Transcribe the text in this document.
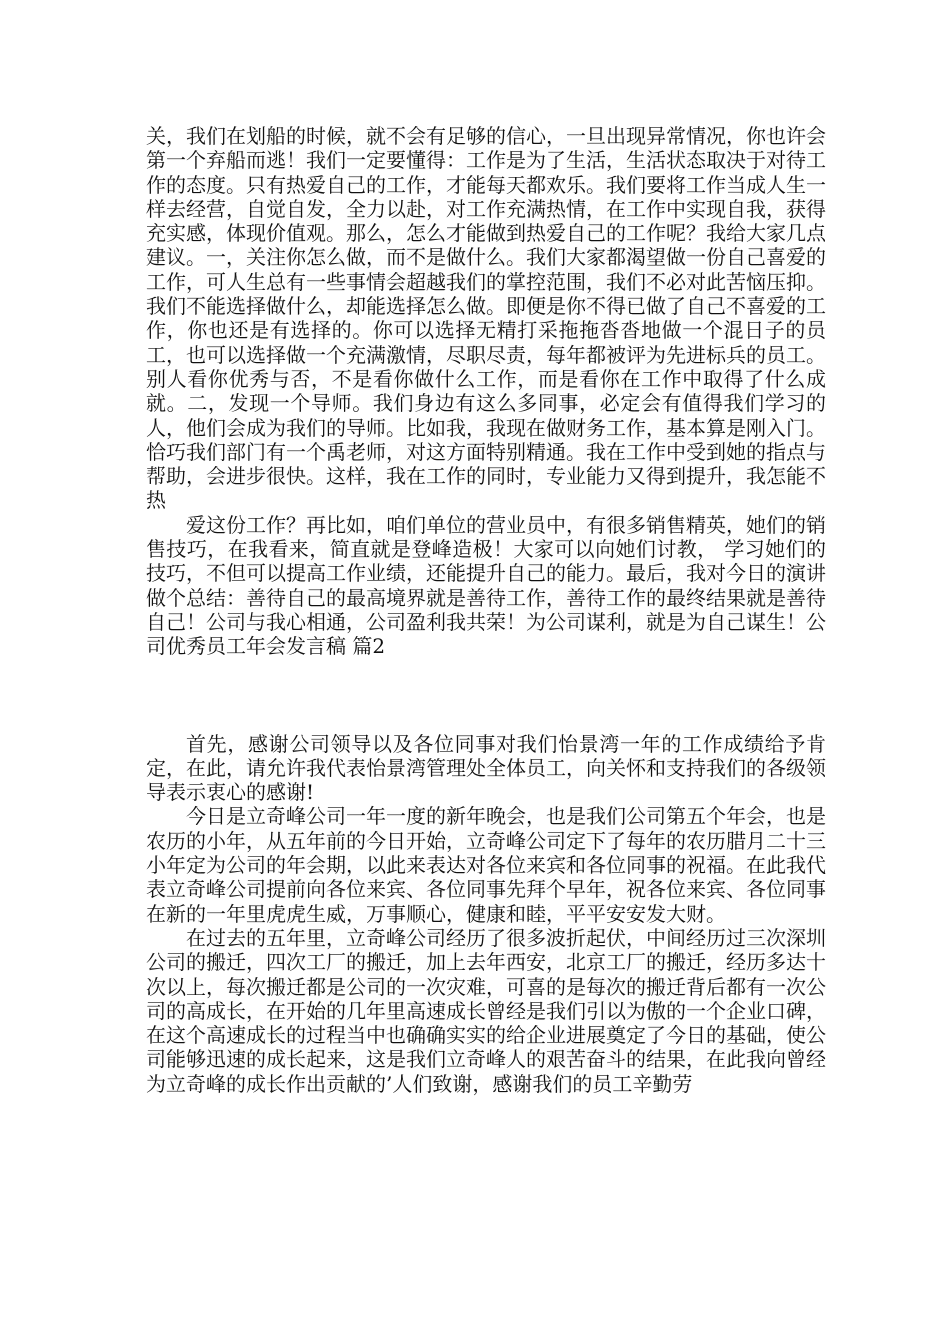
关，我们在划船的时候，就不会有足够的信心，一旦出现异常情况，你也许会第一个弃船而逃！我们一定要懂得：工作是为了生活，生活状态取决于对待工作的态度。只有热爱自己的工作，才能每天都欢乐。我们要将工作当成人生一样去经营，自觉自发，全力以赴，对工作充满热情，在工作中实现自我，获得充实感，体现价值观。那么，怎么才能做到热爱自己的工作呢？我给大家几点建议。一，关注你怎么做，而不是做什么。我们大家都渴望做一份自己喜爱的工作，可人生总有一些事情会超越我们的掌控范围，我们不必对此苦恼压抑。我们不能选择做什么，却能选择怎么做。即便是你不得已做了自己不喜爱的工作，你也还是有选择的。你可以选择无精打采拖拖沓沓地做一个混日子的员工，也可以选择做一个充满激情，尽职尽责，每年都被评为先进标兵的员工。别人看你优秀与否，不是看你做什么工作，而是看你在工作中取得了什么成就。二，发现一个导师。我们身边有这么多同事，必定会有值得我们学习的人，他们会成为我们的导师。比如我，我现在做财务工作，基本算是刚入门。恰巧我们部门有一个禹老师，对这方面特别精通。我在工作中受到她的指点与帮助，会进步很快。这样，我在工作的同时，专业能力又得到提升，我怎能不热

爱这份工作？再比如，咱们单位的营业员中，有很多销售精英，她们的销售技巧，在我看来，简直就是登峰造极！大家可以向她们讨教， 学习她们的技巧，不但可以提高工作业绩，还能提升自己的能力。最后，我对今日的演讲做个总结：善待自己的最高境界就是善待工作，善待工作的最终结果就是善待自己！公司与我心相通，公司盈利我共荣！为公司谋利，就是为自己谋生！公司优秀员工年会发言稿 篇2

首先，感谢公司领导以及各位同事对我们怡景湾一年的工作成绩给予肯定，在此，请允许我代表怡景湾管理处全体员工，向关怀和支持我们的各级领导表示衷心的感谢!

今日是立奇峰公司一年一度的新年晚会，也是我们公司第五个年会，也是农历的小年，从五年前的今日开始，立奇峰公司定下了每年的农历腊月二十三小年定为公司的年会期，以此来表达对各位来宾和各位同事的祝福。在此我代表立奇峰公司提前向各位来宾、各位同事先拜个早年，祝各位来宾、各位同事在新的一年里虎虎生威，万事顺心，健康和睦，平平安安发大财。

在过去的五年里，立奇峰公司经历了很多波折起伏，中间经历过三次深圳公司的搬迁，四次工厂的搬迁，加上去年西安，北京工厂的搬迁，经历多达十次以上，每次搬迁都是公司的一次灾难，可喜的是每次的搬迁背后都有一次公司的高成长，在开始的几年里高速成长曾经是我们引以为傲的一个企业口碑，在这个高速成长的过程当中也确确实实的给企业进展奠定了今日的基础，使公司能够迅速的成长起来，这是我们立奇峰人的艰苦奋斗的结果，在此我向曾经为立奇峰的成长作出贡献的’人们致谢，感谢我们的员工辛勤劳
